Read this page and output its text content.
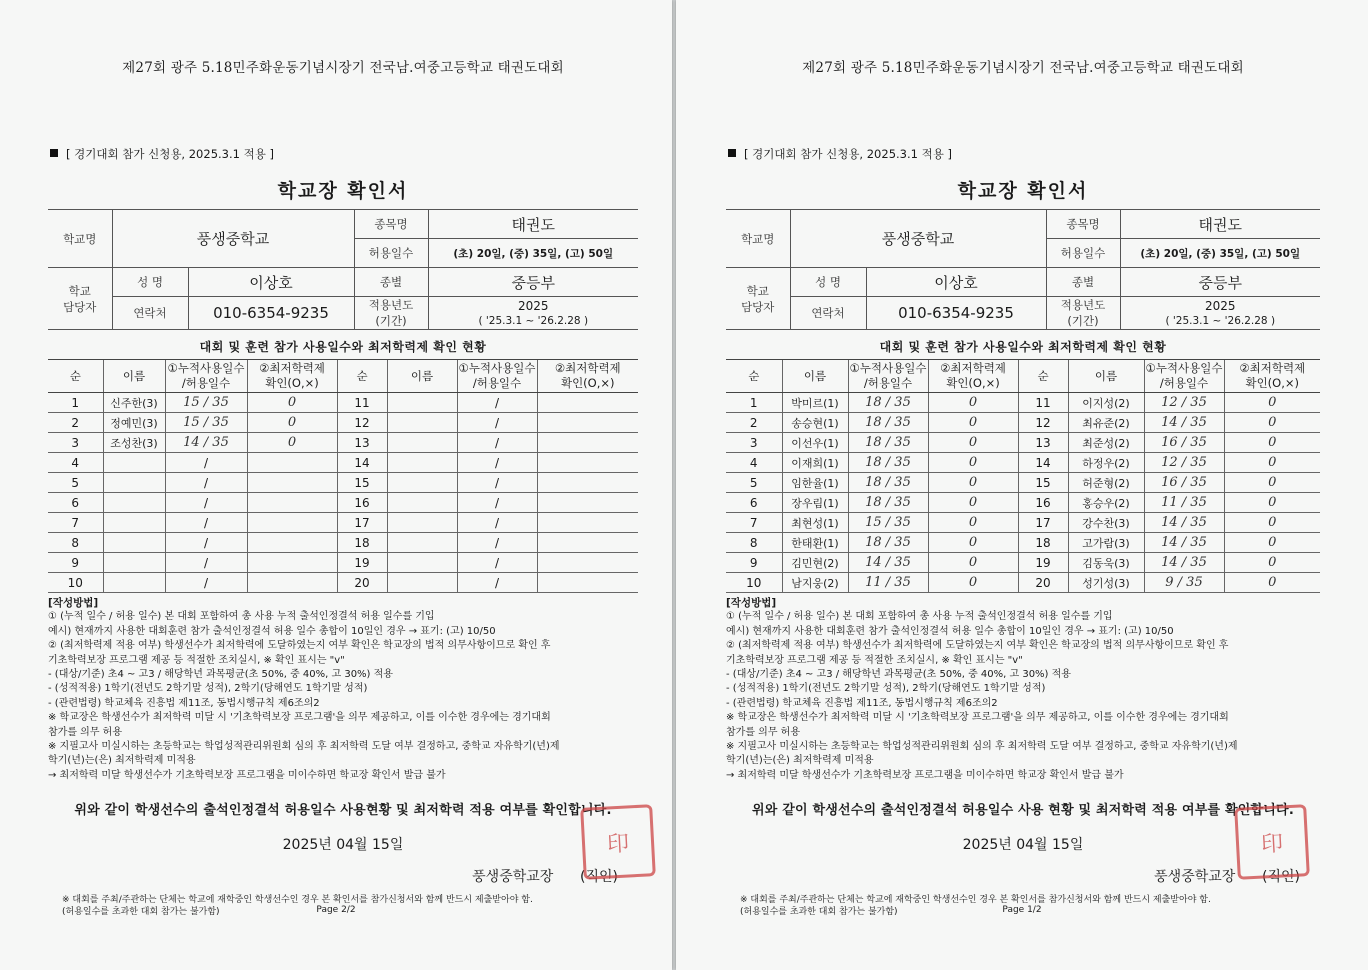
제27회 광주 5.18민주화운동기념시장기 전국남.여중고등학교 태권도대회
[ 경기대회 참가 신청용, 2025.3.1 적용 ]
학교장 확인서
학교명	풍생중학교		종목명	태권도
			허용일수	(초) 20일, (중) 35일, (고) 50일
학교
담당자	성 명	이상호	종별	중등부
	연락처	010-6354-9235	적용년도
(기간)	2025
( '25.3.1 ~ '26.2.28 )
대회 및 훈련 참가 사용일수와 최저학력제 확인 현황
순	이름	①누적사용일수
/허용일수	②최저학력제
확인(O,×)	순	이름	①누적사용일수
/허용일수	②최저학력제
확인(O,×)
1	신주한(3)	15 / 35	0	11		/	
2	정예민(3)	15 / 35	0	12		/	
3	조성찬(3)	14 / 35	0	13		/	
4		/		14		/	
5		/		15		/	
6		/		16		/	
7		/		17		/	
8		/		18		/	
9		/		19		/	
10		/		20		/	
[작성방법]
① (누적 일수 / 허용 일수) 본 대회 포함하여 총 사용 누적 출석인정결석 허용 일수를 기입
예시) 현재까지 사용한 대회훈련 참가 출석인정결석 허용 일수 총합이 10일인 경우 → 표기: (고) 10/50
② (최저학력제 적용 여부) 학생선수가 최저학력에 도달하였는지 여부 확인은 학교장의 법적 의무사항이므로 확인 후
기초학력보장 프로그램 제공 등 적절한 조치실시, ※ 확인 표시는 "v"
- (대상/기준) 초4 ~ 고3 / 해당학년 과목평균(초 50%, 중 40%, 고 30%) 적용
- (성적적용) 1학기(전년도 2학기말 성적), 2학기(당해연도 1학기말 성적)
- (관련법령) 학교체육 진흥법 제11조, 동법시행규칙 제6조의2
※ 학교장은 학생선수가 최저학력 미달 시 '기초학력보장 프로그램'을 의무 제공하고, 이를 이수한 경우에는 경기대회
참가를 의무 허용
※ 지필고사 미실시하는 초등학교는 학업성적관리위원회 심의 후 최저학력 도달 여부 결정하고, 중학교 자유학기(년)제
학기(년)는(은) 최저학력제 미적용
→ 최저학력 미달 학생선수가 기초학력보장 프로그램을 미이수하면 학교장 확인서 발급 불가
위와 같이 학생선수의 출석인정결석 허용일수 사용현황 및 최저학력 적용 여부를 확인합니다.
2025년 04월 15일
풍생중학교장 (직인)
印
※ 대회를 주최/주관하는 단체는 학교에 재학중인 학생선수인 경우 본 확인서를 참가신청서와 함께 반드시 제출받아야 함.
(허용일수를 초과한 대회 참가는 불가함)	Page 2/2
제27회 광주 5.18민주화운동기념시장기 전국남.여중고등학교 태권도대회
[ 경기대회 참가 신청용, 2025.3.1 적용 ]
학교장 확인서
학교명	풍생중학교		종목명	태권도
			허용일수	(초) 20일, (중) 35일, (고) 50일
학교
담당자	성 명	이상호	종별	중등부
	연락처	010-6354-9235	적용년도
(기간)	2025
( '25.3.1 ~ '26.2.28 )
대회 및 훈련 참가 사용일수와 최저학력제 확인 현황
순	이름	①누적사용일수
/허용일수	②최저학력제
확인(O,×)	순	이름	①누적사용일수
/허용일수	②최저학력제
확인(O,×)
1	박미르(1)	18 / 35	0	11	이지성(2)	12 / 35	0
2	송승현(1)	18 / 35	0	12	최유준(2)	14 / 35	0
3	이선우(1)	18 / 35	0	13	최준성(2)	16 / 35	0
4	이재희(1)	18 / 35	0	14	하정우(2)	12 / 35	0
5	임한율(1)	18 / 35	0	15	허준형(2)	16 / 35	0
6	장우림(1)	18 / 35	0	16	홍승우(2)	11 / 35	0
7	최현성(1)	15 / 35	0	17	강수찬(3)	14 / 35	0
8	한태환(1)	18 / 35	0	18	고가람(3)	14 / 35	0
9	김민현(2)	14 / 35	0	19	김동욱(3)	14 / 35	0
10	남지웅(2)	11 / 35	0	20	성기성(3)	9 / 35	0
[작성방법]
① (누적 일수 / 허용 일수) 본 대회 포함하여 총 사용 누적 출석인정결석 허용 일수를 기입
예시) 현재까지 사용한 대회훈련 참가 출석인정결석 허용 일수 총합이 10일인 경우 → 표기: (고) 10/50
② (최저학력제 적용 여부) 학생선수가 최저학력에 도달하였는지 여부 확인은 학교장의 법적 의무사항이므로 확인 후
기초학력보장 프로그램 제공 등 적절한 조치실시, ※ 확인 표시는 "v"
- (대상/기준) 초4 ~ 고3 / 해당학년 과목평균(초 50%, 중 40%, 고 30%) 적용
- (성적적용) 1학기(전년도 2학기말 성적), 2학기(당해연도 1학기말 성적)
- (관련법령) 학교체육 진흥법 제11조, 동법시행규칙 제6조의2
※ 학교장은 학생선수가 최저학력 미달 시 '기초학력보장 프로그램'을 의무 제공하고, 이를 이수한 경우에는 경기대회
참가를 의무 허용
※ 지필고사 미실시하는 초등학교는 학업성적관리위원회 심의 후 최저학력 도달 여부 결정하고, 중학교 자유학기(년)제
학기(년)는(은) 최저학력제 미적용
→ 최저학력 미달 학생선수가 기초학력보장 프로그램을 미이수하면 학교장 확인서 발급 불가
위와 같이 학생선수의 출석인정결석 허용일수 사용 현황 및 최저학력 적용 여부를 확인합니다.
2025년 04월 15일
풍생중학교장 (직인)
印
※ 대회를 주최/주관하는 단체는 학교에 재학중인 학생선수인 경우 본 확인서를 참가신청서와 함께 반드시 제출받아야 함.
(허용일수를 초과한 대회 참가는 불가함)	Page 1/2
